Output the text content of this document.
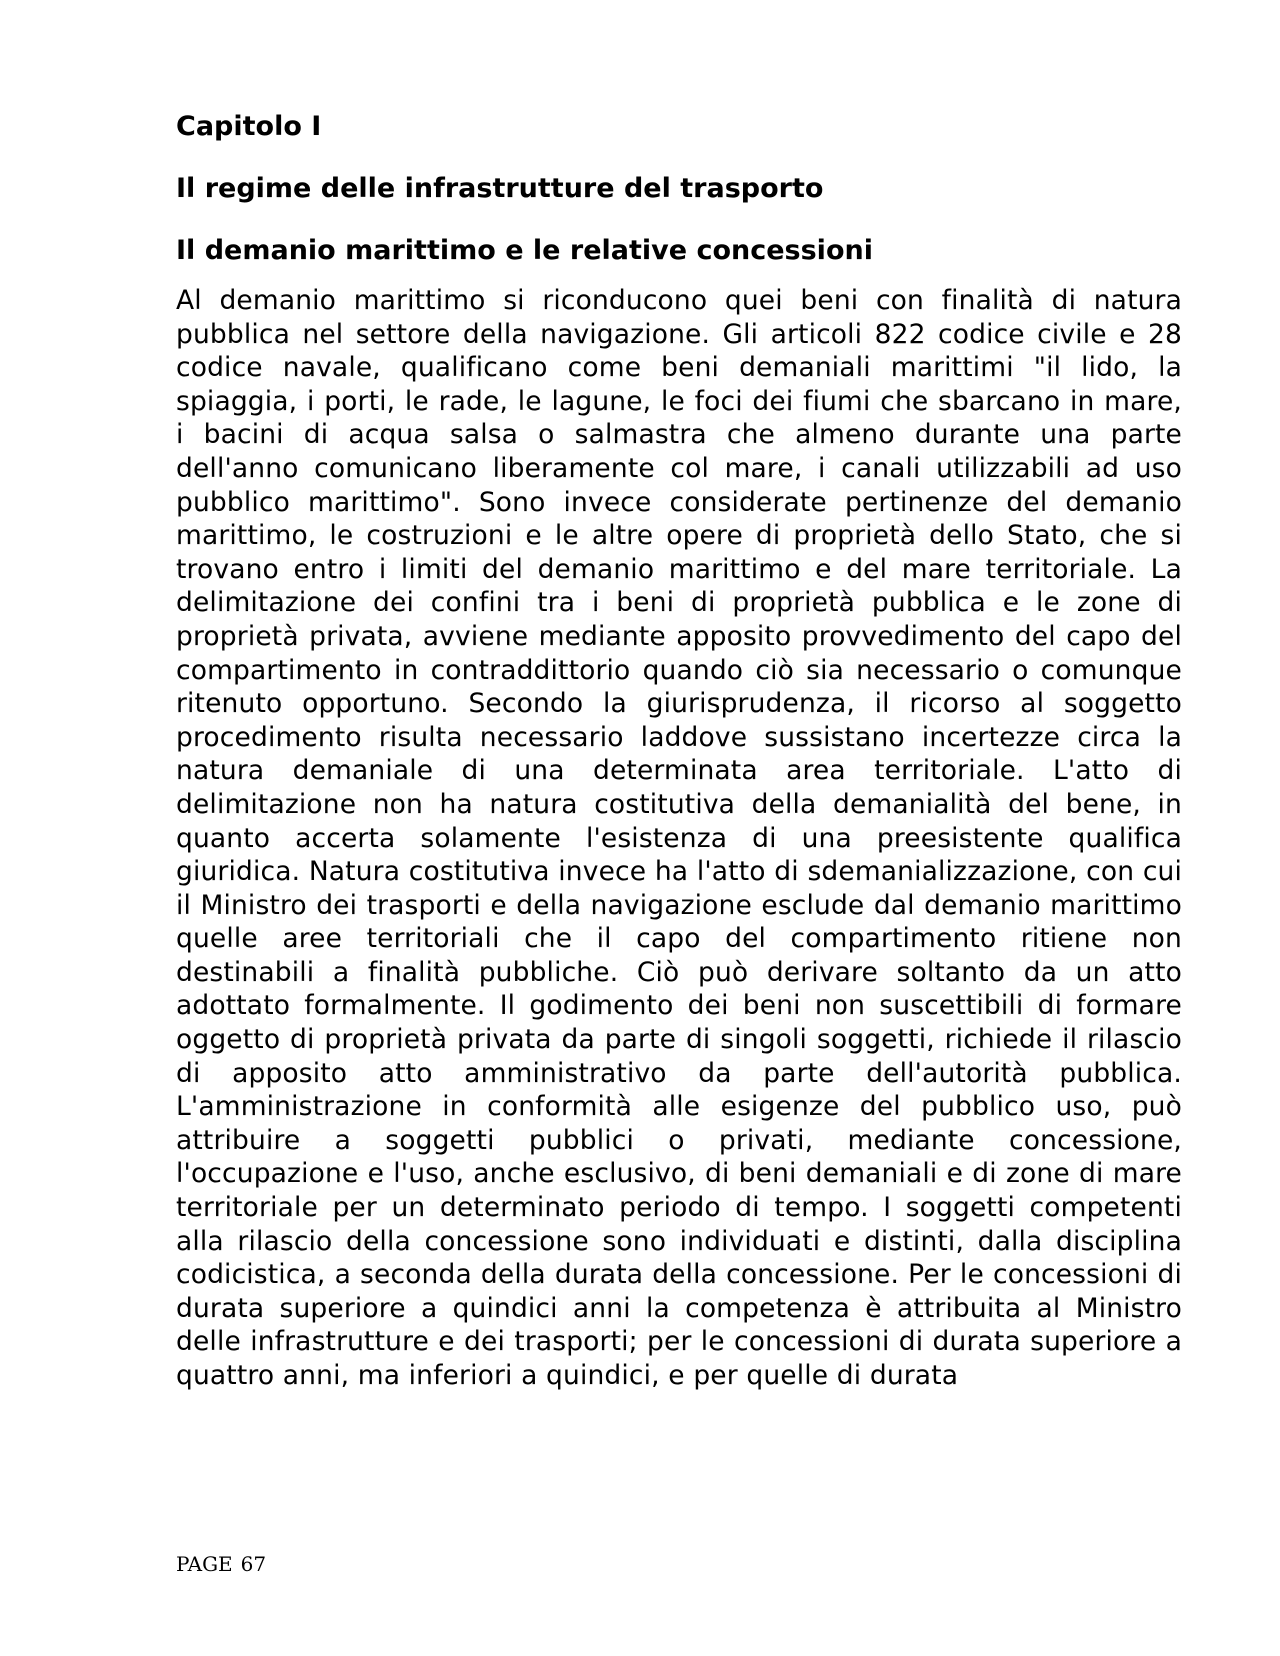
Capitolo I
Il regime delle infrastrutture del trasporto
Il demanio marittimo e le relative concessioni

Al demanio marittimo si riconducono quei beni con finalità di natura pubblica nel settore della navigazione. Gli articoli 822 codice civile e 28 codice navale, qualificano come beni demaniali marittimi "il lido, la spiaggia, i porti, le rade, le lagune, le foci dei fiumi che sbarcano in mare, i bacini di acqua salsa o salmastra che almeno durante una parte dell'anno comunicano liberamente col mare, i canali utilizzabili ad uso pubblico marittimo". Sono invece considerate pertinenze del demanio marittimo, le costruzioni e le altre opere di proprietà dello Stato, che si trovano entro i limiti del demanio marittimo e del mare territoriale. La delimitazione dei confini tra i beni di proprietà pubblica e le zone di proprietà privata, avviene mediante apposito provvedimento del capo del compartimento in contraddittorio quando ciò sia necessario o comunque ritenuto opportuno. Secondo la giurisprudenza, il ricorso al soggetto procedimento risulta necessario laddove sussistano incertezze circa la natura demaniale di una determinata area territoriale. L'atto di delimitazione non ha natura costitutiva della demanialità del bene, in quanto accerta solamente l'esistenza di una preesistente qualifica giuridica. Natura costitutiva invece ha l'atto di sdemanializzazione, con cui il Ministro dei trasporti e della navigazione esclude dal demanio marittimo quelle aree territoriali che il capo del compartimento ritiene non destinabili a finalità pubbliche. Ciò può derivare soltanto da un atto adottato formalmente. Il godimento dei beni non suscettibili di formare oggetto di proprietà privata da parte di singoli soggetti, richiede il rilascio di apposito atto amministrativo da parte dell'autorità pubblica. L'amministrazione in conformità alle esigenze del pubblico uso, può attribuire a soggetti pubblici o privati, mediante concessione, l'occupazione e l'uso, anche esclusivo, di beni demaniali e di zone di mare territoriale per un determinato periodo di tempo. I soggetti competenti alla rilascio della concessione sono individuati e distinti, dalla disciplina codicistica, a seconda della durata della concessione. Per le concessioni di durata superiore a quindici anni la competenza è attribuita al Ministro delle infrastrutture e dei trasporti; per le concessioni di durata superiore a quattro anni, ma inferiori a quindici, e per quelle di durata

PAGE 67
